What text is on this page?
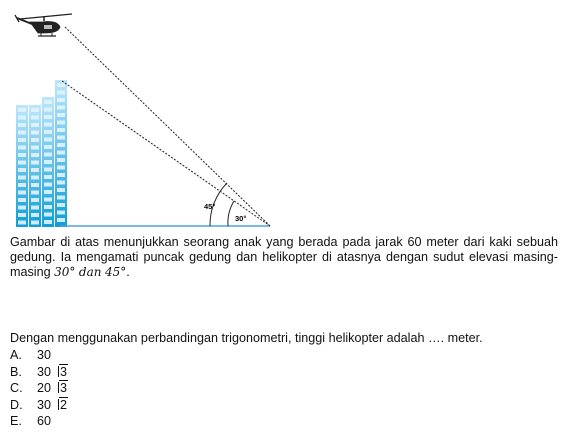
45°
30°

Gambar di atas menunjukkan seorang anak yang berada pada jarak 60 meter dari kaki sebuah gedung. Ia mengamati puncak gedung dan helikopter di atasnya dengan sudut elevasi masing-masing 30° dan 45°.

Dengan menggunakan perbandingan trigonometri, tinggi helikopter adalah …. meter.

A. 30
B. 30 3
C. 20 3
D. 30 2
E. 60
